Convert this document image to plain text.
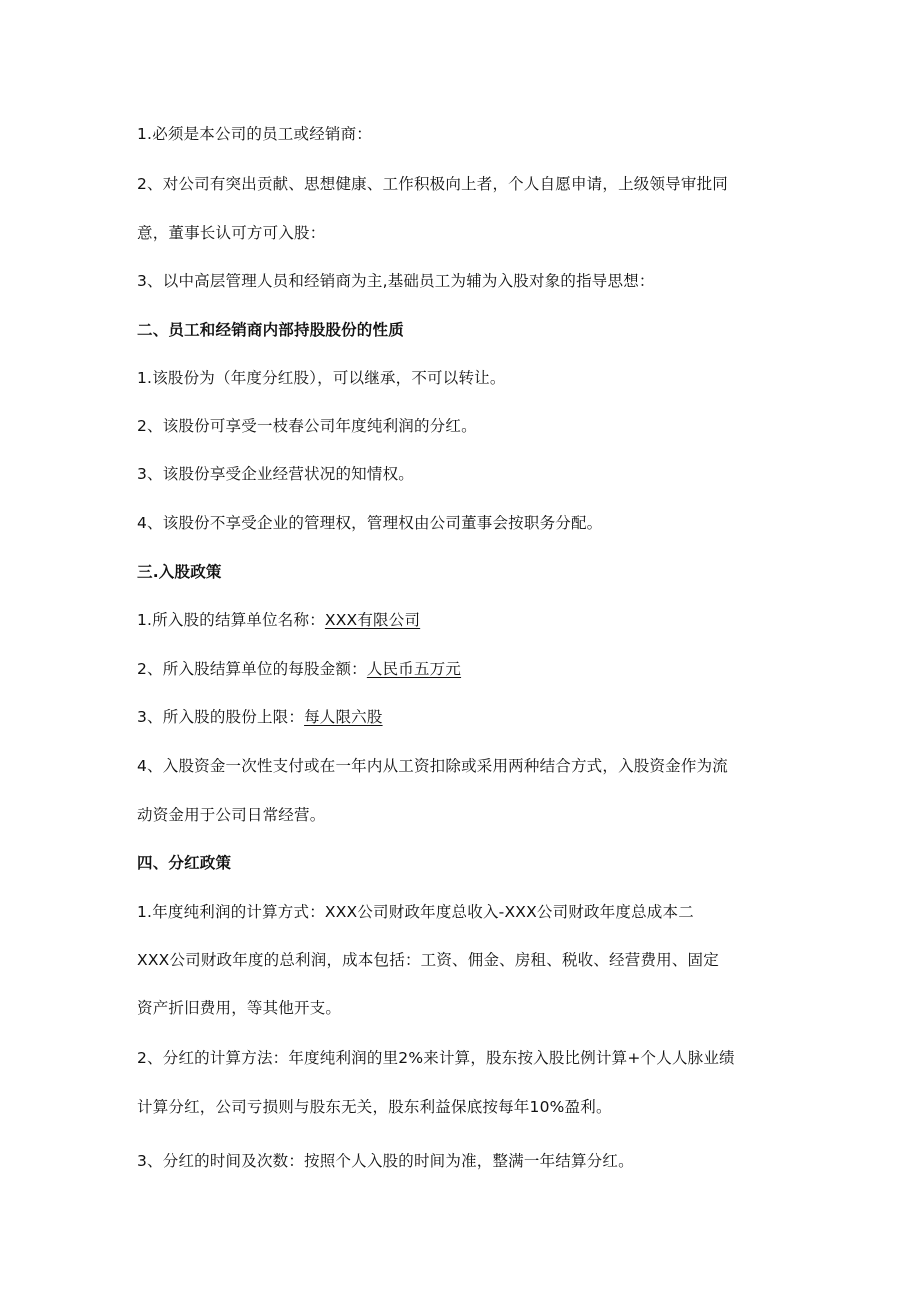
1.必须是本公司的员工或经销商：
2、对公司有突出贡献、思想健康、工作积极向上者，个人自愿申请，上级领导审批同
意，董事长认可方可入股：
3、以中高层管理人员和经销商为主,基础员工为辅为入股对象的指导思想：
二、员工和经销商内部持股股份的性质
1.该股份为（年度分红股），可以继承，不可以转让。
2、该股份可享受一枝春公司年度纯利润的分红。
3、该股份享受企业经营状况的知情权。
4、该股份不享受企业的管理权，管理权由公司董事会按职务分配。
三.入股政策
1.所入股的结算单位名称：XXX有限公司
2、所入股结算单位的每股金额：人民币五万元
3、所入股的股份上限：每人限六股
4、入股资金一次性支付或在一年内从工资扣除或采用两种结合方式，入股资金作为流
动资金用于公司日常经营。
四、分红政策
1.年度纯利润的计算方式：XXX公司财政年度总收入-XXX公司财政年度总成本二
XXX公司财政年度的总利润，成本包括：工资、佣金、房租、税收、经营费用、固定
资产折旧费用，等其他开支。
2、分红的计算方法：年度纯利润的里2%来计算，股东按入股比例计算+个人人脉业绩
计算分红，公司亏损则与股东无关，股东利益保底按每年10%盈利。
3、分红的时间及次数：按照个人入股的时间为准，整满一年结算分红。
